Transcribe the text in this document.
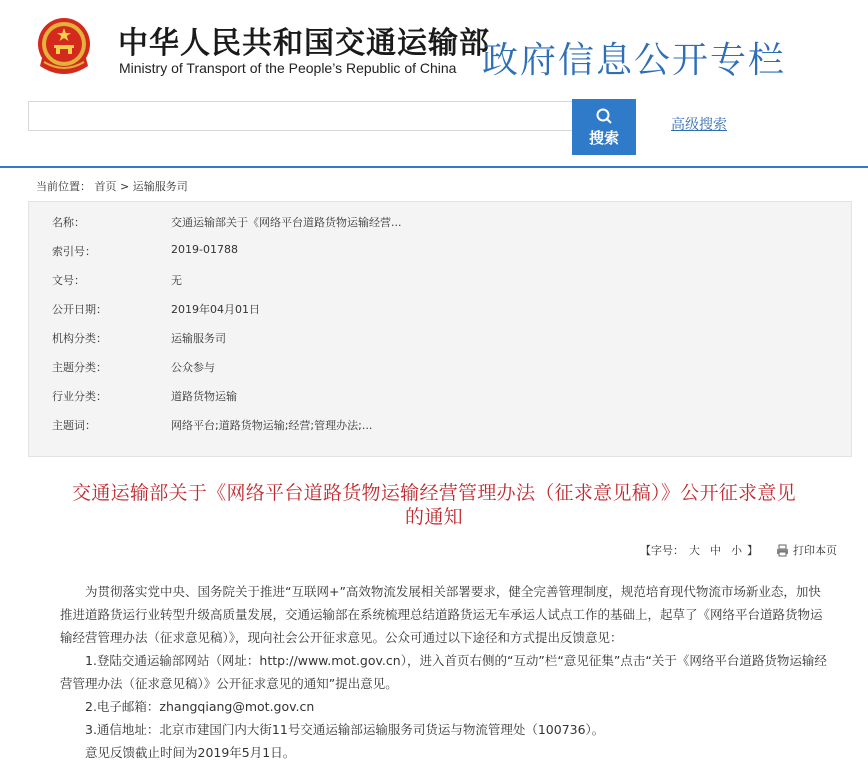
中华人民共和国交通运输部
Ministry of Transport of the People’s Republic of China 政府信息公开专栏
搜索
高级搜索
当前位置： 首页 > 运输服务司
名称：	交通运输部关于《网络平台道路货物运输经营...
索引号：	2019-01788
文号：	无
公开日期：	2019年04月01日
机构分类：	运输服务司
主题分类：	公众参与
行业分类：	道路货物运输
主题词：	网络平台;道路货物运输;经营;管理办法;...
交通运输部关于《网络平台道路货物运输经营管理办法（征求意见稿）》公开征求意见
的通知
【字号： 大 中 小 】	打印本页

　　为贯彻落实党中央、国务院关于推进“互联网+”高效物流发展相关部署要求，健全完善管理制度，规范培育现代物流市场新业态，加快推进道路货运行业转型升级高质量发展，交通运输部在系统梳理总结道路货运无车承运人试点工作的基础上，起草了《网络平台道路货物运输经营管理办法（征求意见稿）》，现向社会公开征求意见。公众可通过以下途径和方式提出反馈意见：

　　1.登陆交通运输部网站（网址：http://www.mot.gov.cn），进入首页右侧的“互动”栏“意见征集”点击“关于《网络平台道路货物运输经营管理办法（征求意见稿）》公开征求意见的通知”提出意见。

　　2.电子邮箱：zhangqiang@mot.gov.cn

　　3.通信地址：北京市建国门内大街11号交通运输部运输服务司货运与物流管理处（100736）。

　　意见反馈截止时间为2019年5月1日。
